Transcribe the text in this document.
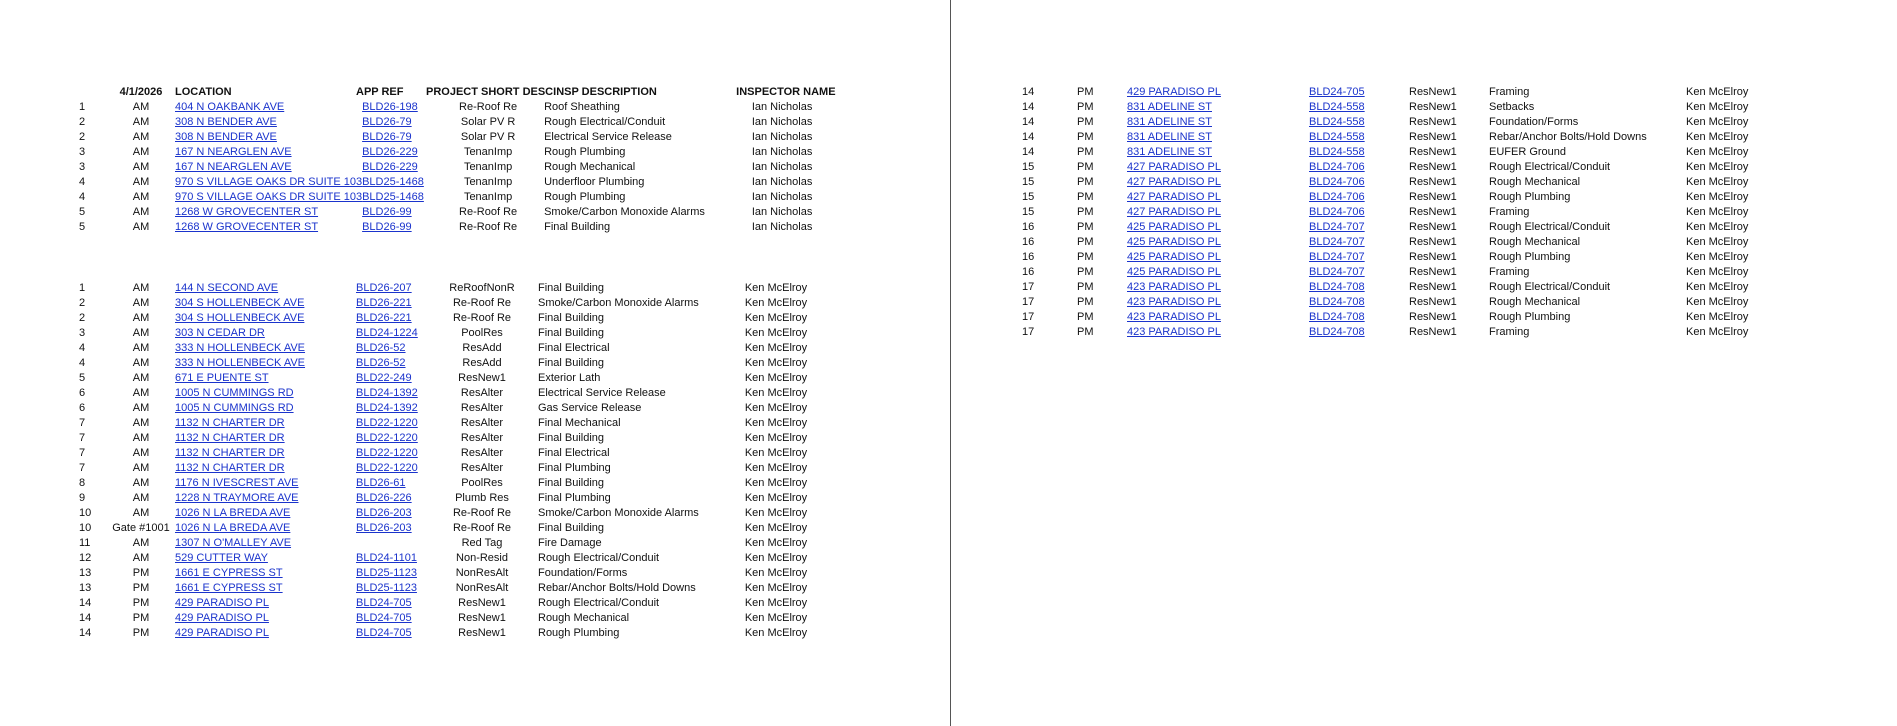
	4/1/2026	LOCATION	APP REF	PROJECT SHORT DESC	INSP DESCRIPTION	INSPECTOR NAME
1	AM	404 N OAKBANK AVE	BLD26-198	Re-Roof Re	Roof Sheathing	Ian Nicholas
2	AM	308 N BENDER AVE	BLD26-79	Solar PV R	Rough Electrical/Conduit	Ian Nicholas
2	AM	308 N BENDER AVE	BLD26-79	Solar PV R	Electrical Service Release	Ian Nicholas
3	AM	167 N NEARGLEN AVE	BLD26-229	TenanImp	Rough Plumbing	Ian Nicholas
3	AM	167 N NEARGLEN AVE	BLD26-229	TenanImp	Rough Mechanical	Ian Nicholas
4	AM	970 S VILLAGE OAKS DR SUITE 103	BLD25-1468	TenanImp	Underfloor Plumbing	Ian Nicholas
4	AM	970 S VILLAGE OAKS DR SUITE 103	BLD25-1468	TenanImp	Rough Plumbing	Ian Nicholas
5	AM	1268 W GROVECENTER ST	BLD26-99	Re-Roof Re	Smoke/Carbon Monoxide Alarms	Ian Nicholas
5	AM	1268 W GROVECENTER ST	BLD26-99	Re-Roof Re	Final Building	Ian Nicholas
1	AM	144 N SECOND AVE	BLD26-207	ReRoofNonR	Final Building	Ken McElroy
2	AM	304 S HOLLENBECK AVE	BLD26-221	Re-Roof Re	Smoke/Carbon Monoxide Alarms	Ken McElroy
2	AM	304 S HOLLENBECK AVE	BLD26-221	Re-Roof Re	Final Building	Ken McElroy
3	AM	303 N CEDAR DR	BLD24-1224	PoolRes	Final Building	Ken McElroy
4	AM	333 N HOLLENBECK AVE	BLD26-52	ResAdd	Final Electrical	Ken McElroy
4	AM	333 N HOLLENBECK AVE	BLD26-52	ResAdd	Final Building	Ken McElroy
5	AM	671 E PUENTE ST	BLD22-249	ResNew1	Exterior Lath	Ken McElroy
6	AM	1005 N CUMMINGS RD	BLD24-1392	ResAlter	Electrical Service Release	Ken McElroy
6	AM	1005 N CUMMINGS RD	BLD24-1392	ResAlter	Gas Service Release	Ken McElroy
7	AM	1132 N CHARTER DR	BLD22-1220	ResAlter	Final Mechanical	Ken McElroy
7	AM	1132 N CHARTER DR	BLD22-1220	ResAlter	Final Building	Ken McElroy
7	AM	1132 N CHARTER DR	BLD22-1220	ResAlter	Final Electrical	Ken McElroy
7	AM	1132 N CHARTER DR	BLD22-1220	ResAlter	Final Plumbing	Ken McElroy
8	AM	1176 N IVESCREST AVE	BLD26-61	PoolRes	Final Building	Ken McElroy
9	AM	1228 N TRAYMORE AVE	BLD26-226	Plumb Res	Final Plumbing	Ken McElroy
10	AM	1026 N LA BREDA AVE	BLD26-203	Re-Roof Re	Smoke/Carbon Monoxide Alarms	Ken McElroy
10	Gate #1001	1026 N LA BREDA AVE	BLD26-203	Re-Roof Re	Final Building	Ken McElroy
11	AM	1307 N O'MALLEY AVE		Red Tag	Fire Damage	Ken McElroy
12	AM	529 CUTTER WAY	BLD24-1101	Non-Resid	Rough Electrical/Conduit	Ken McElroy
13	PM	1661 E CYPRESS ST	BLD25-1123	NonResAlt	Foundation/Forms	Ken McElroy
13	PM	1661 E CYPRESS ST	BLD25-1123	NonResAlt	Rebar/Anchor Bolts/Hold Downs	Ken McElroy
14	PM	429 PARADISO PL	BLD24-705	ResNew1	Rough Electrical/Conduit	Ken McElroy
14	PM	429 PARADISO PL	BLD24-705	ResNew1	Rough Mechanical	Ken McElroy
14	PM	429 PARADISO PL	BLD24-705	ResNew1	Rough Plumbing	Ken McElroy
14	PM	429 PARADISO PL	BLD24-705	ResNew1	Framing	Ken McElroy
14	PM	831 ADELINE ST	BLD24-558	ResNew1	Setbacks	Ken McElroy
14	PM	831 ADELINE ST	BLD24-558	ResNew1	Foundation/Forms	Ken McElroy
14	PM	831 ADELINE ST	BLD24-558	ResNew1	Rebar/Anchor Bolts/Hold Downs	Ken McElroy
14	PM	831 ADELINE ST	BLD24-558	ResNew1	EUFER Ground	Ken McElroy
15	PM	427 PARADISO PL	BLD24-706	ResNew1	Rough Electrical/Conduit	Ken McElroy
15	PM	427 PARADISO PL	BLD24-706	ResNew1	Rough Mechanical	Ken McElroy
15	PM	427 PARADISO PL	BLD24-706	ResNew1	Rough Plumbing	Ken McElroy
15	PM	427 PARADISO PL	BLD24-706	ResNew1	Framing	Ken McElroy
16	PM	425 PARADISO PL	BLD24-707	ResNew1	Rough Electrical/Conduit	Ken McElroy
16	PM	425 PARADISO PL	BLD24-707	ResNew1	Rough Mechanical	Ken McElroy
16	PM	425 PARADISO PL	BLD24-707	ResNew1	Rough Plumbing	Ken McElroy
16	PM	425 PARADISO PL	BLD24-707	ResNew1	Framing	Ken McElroy
17	PM	423 PARADISO PL	BLD24-708	ResNew1	Rough Electrical/Conduit	Ken McElroy
17	PM	423 PARADISO PL	BLD24-708	ResNew1	Rough Mechanical	Ken McElroy
17	PM	423 PARADISO PL	BLD24-708	ResNew1	Rough Plumbing	Ken McElroy
17	PM	423 PARADISO PL	BLD24-708	ResNew1	Framing	Ken McElroy
